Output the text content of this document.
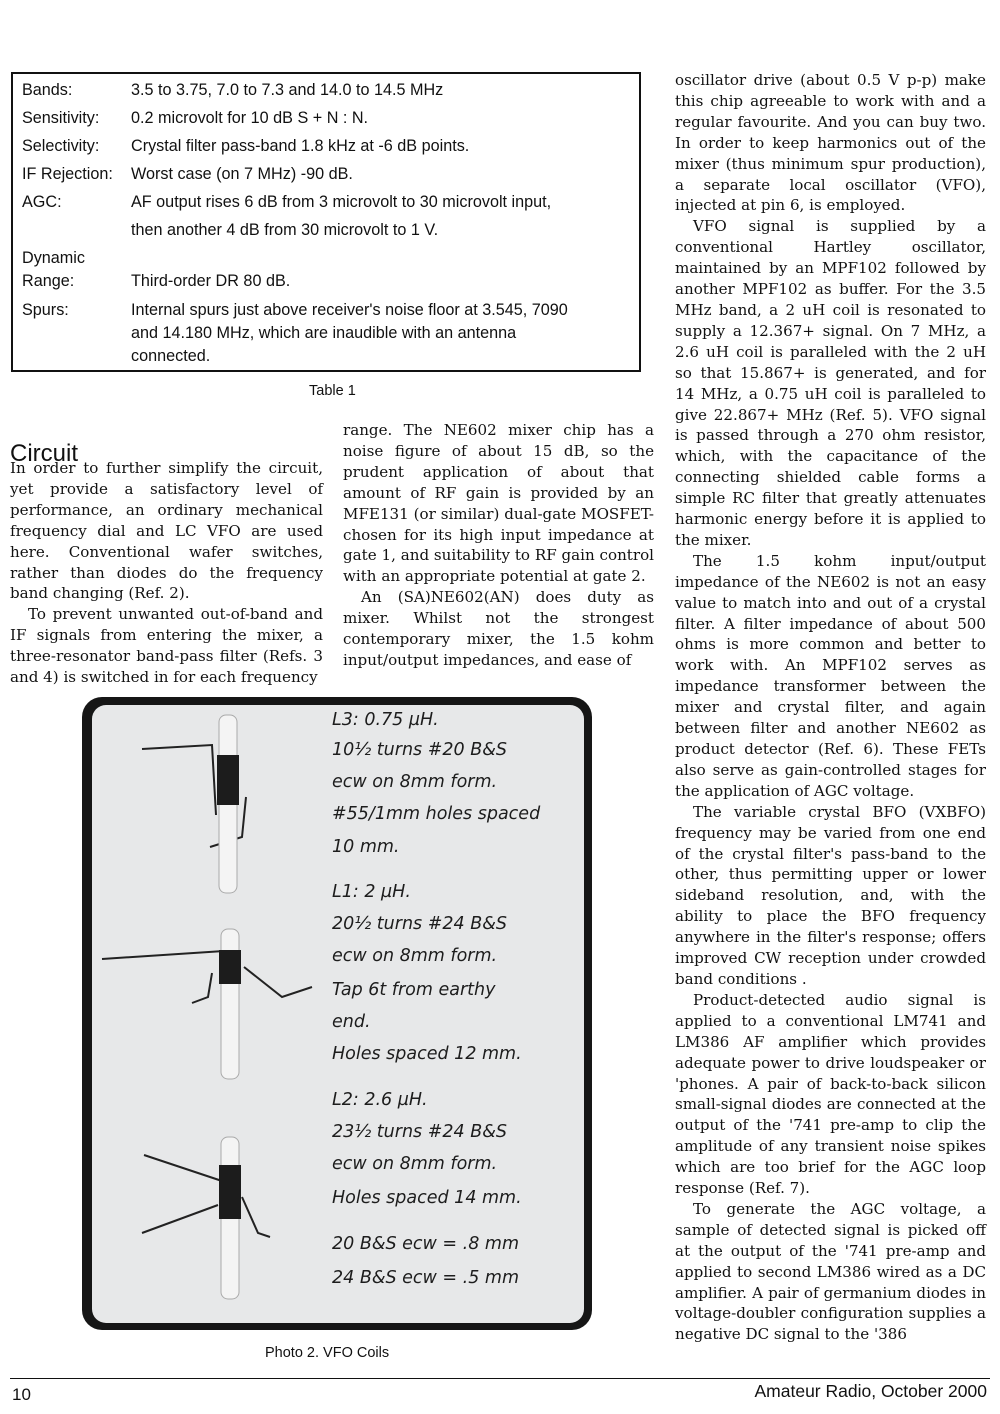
Bands:	3.5 to 3.75, 7.0 to 7.3 and 14.0 to 14.5 MHz
Sensitivity:	0.2 microvolt for 10 dB S + N : N.
Selectivity:	Crystal filter pass-band 1.8 kHz at -6 dB points.
IF Rejection:	Worst case (on 7 MHz) -90 dB.
AGC:	AF output rises 6 dB from 3 microvolt to 30 microvolt input,
then another 4 dB from 30 microvolt to 1 V.
Dynamic
Range:	Third-order DR 80 dB.
Spurs:	Internal spurs just above receiver's noise floor at 3.545, 7090
and 14.180 MHz, which are inaudible with an antenna
connected.
Table 1
Circuit

In order to further simplify the circuit, yet provide a satisfactory level of performance, an ordinary mechanical frequency dial and LC VFO are used here. Conventional wafer switches, rather than diodes do the frequency band changing (Ref. 2).

To prevent unwanted out-of-band and IF signals from entering the mixer, a three-resonator band-pass filter (Refs. 3 and 4) is switched in for each frequency

range. The NE602 mixer chip has a noise figure of about 15 dB, so the prudent application of about that amount of RF gain is provided by an MFE131 (or similar) dual-gate MOSFET- chosen for its high input impedance at gate 1, and suitability to RF gain control with an appropriate potential at gate 2.

An (SA)NE602(AN) does duty as mixer. Whilst not the strongest contemporary mixer, the 1.5 kohm input/output impedances, and ease of

oscillator drive (about 0.5 V p-p) make this chip agreeable to work with and a regular favourite. And you can buy two. In order to keep harmonics out of the mixer (thus minimum spur production), a separate local oscillator (VFO), injected at pin 6, is employed.

VFO signal is supplied by a conventional Hartley oscillator, maintained by an MPF102 followed by another MPF102 as buffer. For the 3.5 MHz band, a 2 uH coil is resonated to supply a 12.367+ signal. On 7 MHz, a 2.6 uH coil is paralleled with the 2 uH so that 15.867+ is generated, and for 14 MHz, a 0.75 uH coil is paralleled to give 22.867+ MHz (Ref. 5). VFO signal is passed through a 270 ohm resistor, which, with the capacitance of the connecting shielded cable forms a simple RC filter that greatly attenuates harmonic energy before it is applied to the mixer.

The 1.5 kohm input/output impedance of the NE602 is not an easy value to match into and out of a crystal filter. A filter impedance of about 500 ohms is more common and better to work with. An MPF102 serves as impedance transformer between the mixer and crystal filter, and again between filter and another NE602 as product detector (Ref. 6). These FETs also serve as gain-controlled stages for the application of AGC voltage.

The variable crystal BFO (VXBFO) frequency may be varied from one end of the crystal filter's pass-band to the other, thus permitting upper or lower sideband resolution, and, with the ability to place the BFO frequency anywhere in the filter's response; offers improved CW reception under crowded band conditions .

Product-detected audio signal is applied to a conventional LM741 and LM386 AF amplifier which provides adequate power to drive loudspeaker or 'phones. A pair of back-to-back silicon small-signal diodes are connected at the output of the '741 pre-amp to clip the amplitude of any transient noise spikes which are too brief for the AGC loop response (Ref. 7).

To generate the AGC voltage, a sample of detected signal is picked off at the output of the '741 pre-amp and applied to second LM386 wired as a DC amplifier. A pair of germanium diodes in voltage-doubler configuration supplies a negative DC signal to the '386

L3: 0.75 µH.
10½ turns #20 B&S
ecw on 8mm form.
#55/1mm holes spaced
10 mm.
L1: 2 µH.
20½ turns #24 B&S
ecw on 8mm form.
Tap 6t from earthy
end.
Holes spaced 12 mm.
L2: 2.6 µH.
23½ turns #24 B&S
ecw on 8mm form.
Holes spaced 14 mm.
20 B&S ecw = .8 mm
24 B&S ecw = .5 mm
Photo 2. VFO Coils
10	Amateur Radio, October 2000
